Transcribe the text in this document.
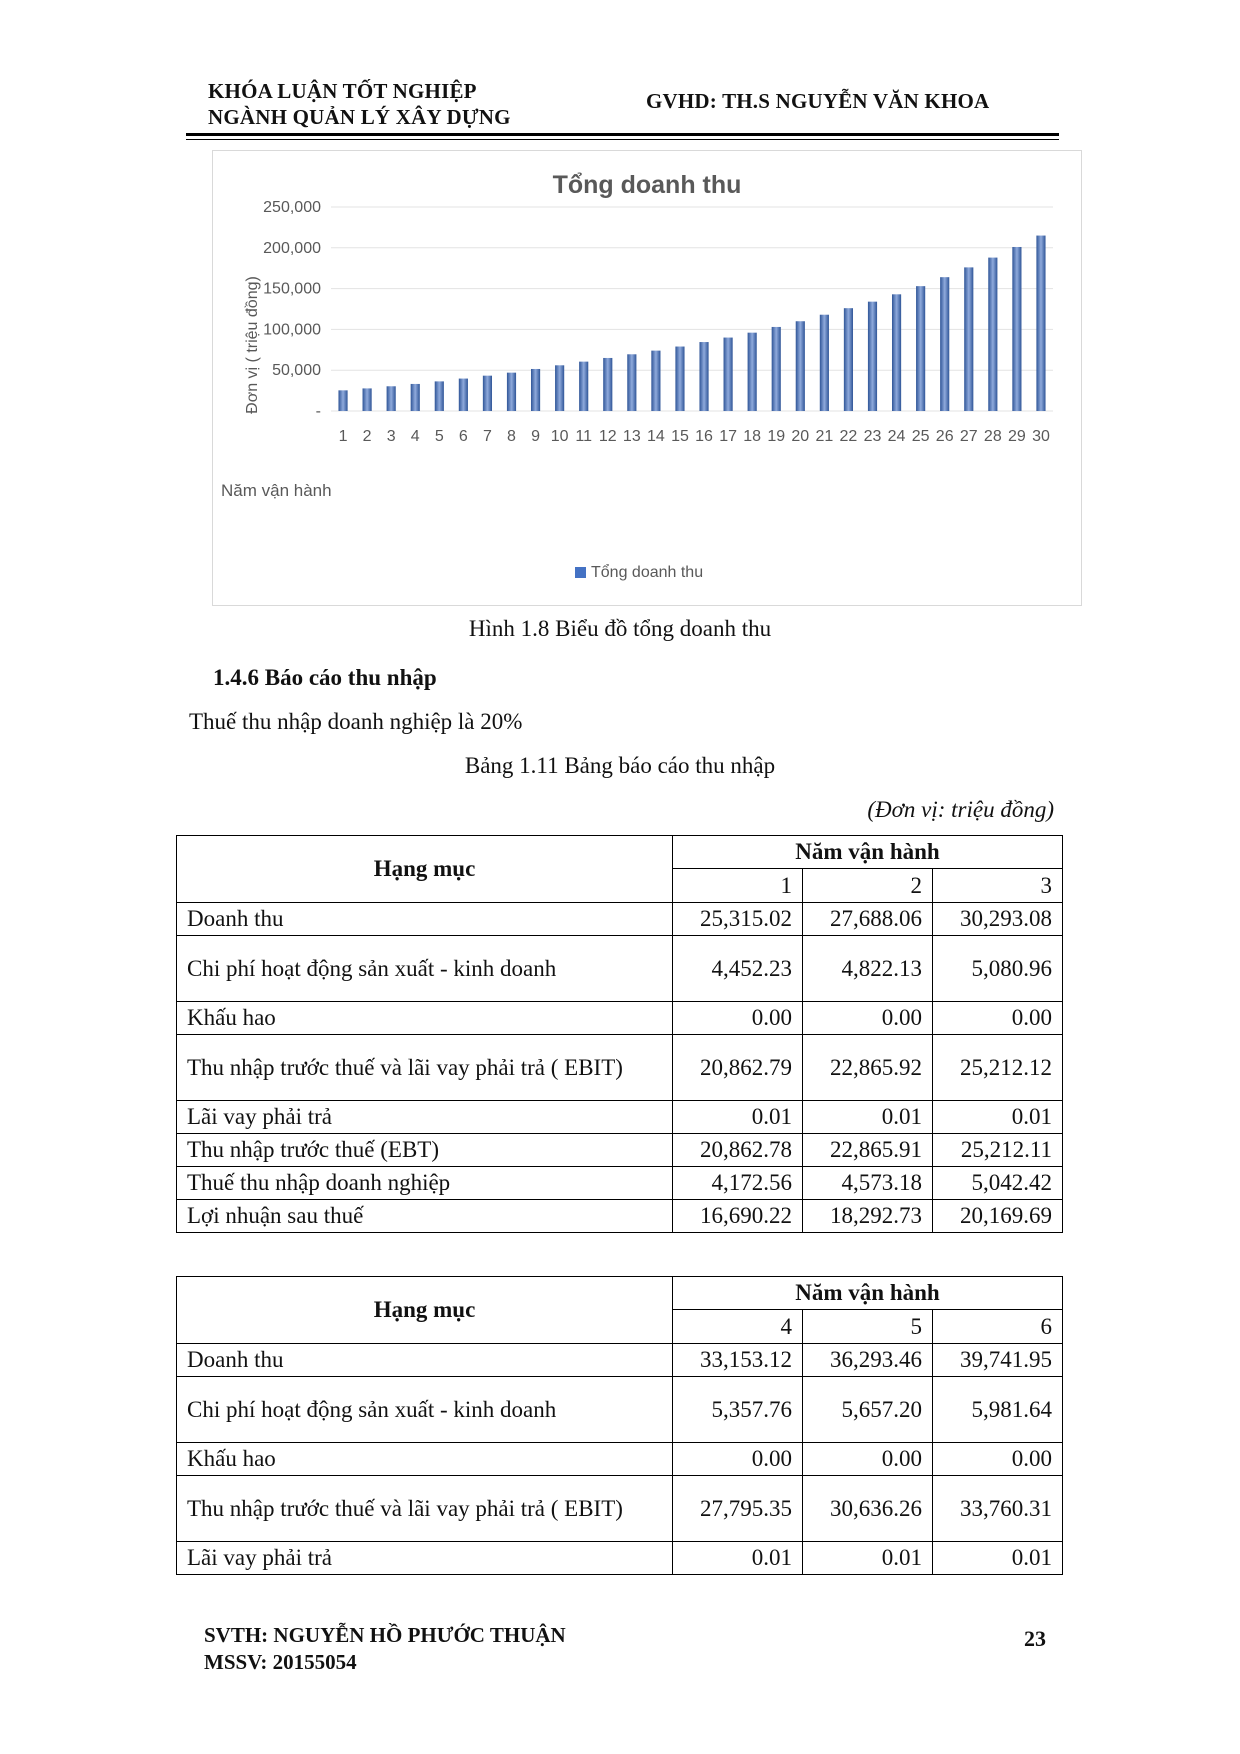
KHÓA LUẬN TỐT NGHIỆP
NGÀNH QUẢN LÝ XÂY DỰNG
GVHD: TH.S NGUYỄN VĂN KHOA
Tổng doanh thu
Đơn vị ( triệu đồng)
Năm vận hành
-
50,000
100,000
150,000
200,000
250,000
1 2 3 4 5 6 7 8 9 10 11 12 13 14 15 16 17 18 19 20 21 22 23 24 25 26 27 28 29 30
Tổng doanh thu
Hình 1.8 Biểu đồ tổng doanh thu
1.4.6 Báo cáo thu nhập
Thuế thu nhập doanh nghiệp là 20%
Bảng 1.11 Bảng báo cáo thu nhập
(Đơn vị: triệu đồng)
Hạng mục	Năm vận hành		
	1	2	3
Doanh thu	25,315.02	27,688.06	30,293.08
Chi phí hoạt động sản xuất - kinh doanh	4,452.23	4,822.13	5,080.96
Khấu hao	0.00	0.00	0.00
Thu nhập trước thuế và lãi vay phải trả ( EBIT)	20,862.79	22,865.92	25,212.12
Lãi vay phải trả	0.01	0.01	0.01
Thu nhập trước thuế (EBT)	20,862.78	22,865.91	25,212.11
Thuế thu nhập doanh nghiệp	4,172.56	4,573.18	5,042.42
Lợi nhuận sau thuế	16,690.22	18,292.73	20,169.69
Hạng mục	Năm vận hành		
	4	5	6
Doanh thu	33,153.12	36,293.46	39,741.95
Chi phí hoạt động sản xuất - kinh doanh	5,357.76	5,657.20	5,981.64
Khấu hao	0.00	0.00	0.00
Thu nhập trước thuế và lãi vay phải trả ( EBIT)	27,795.35	30,636.26	33,760.31
Lãi vay phải trả	0.01	0.01	0.01
SVTH: NGUYỄN HỒ PHƯỚC THUẬN
MSSV: 20155054
23
